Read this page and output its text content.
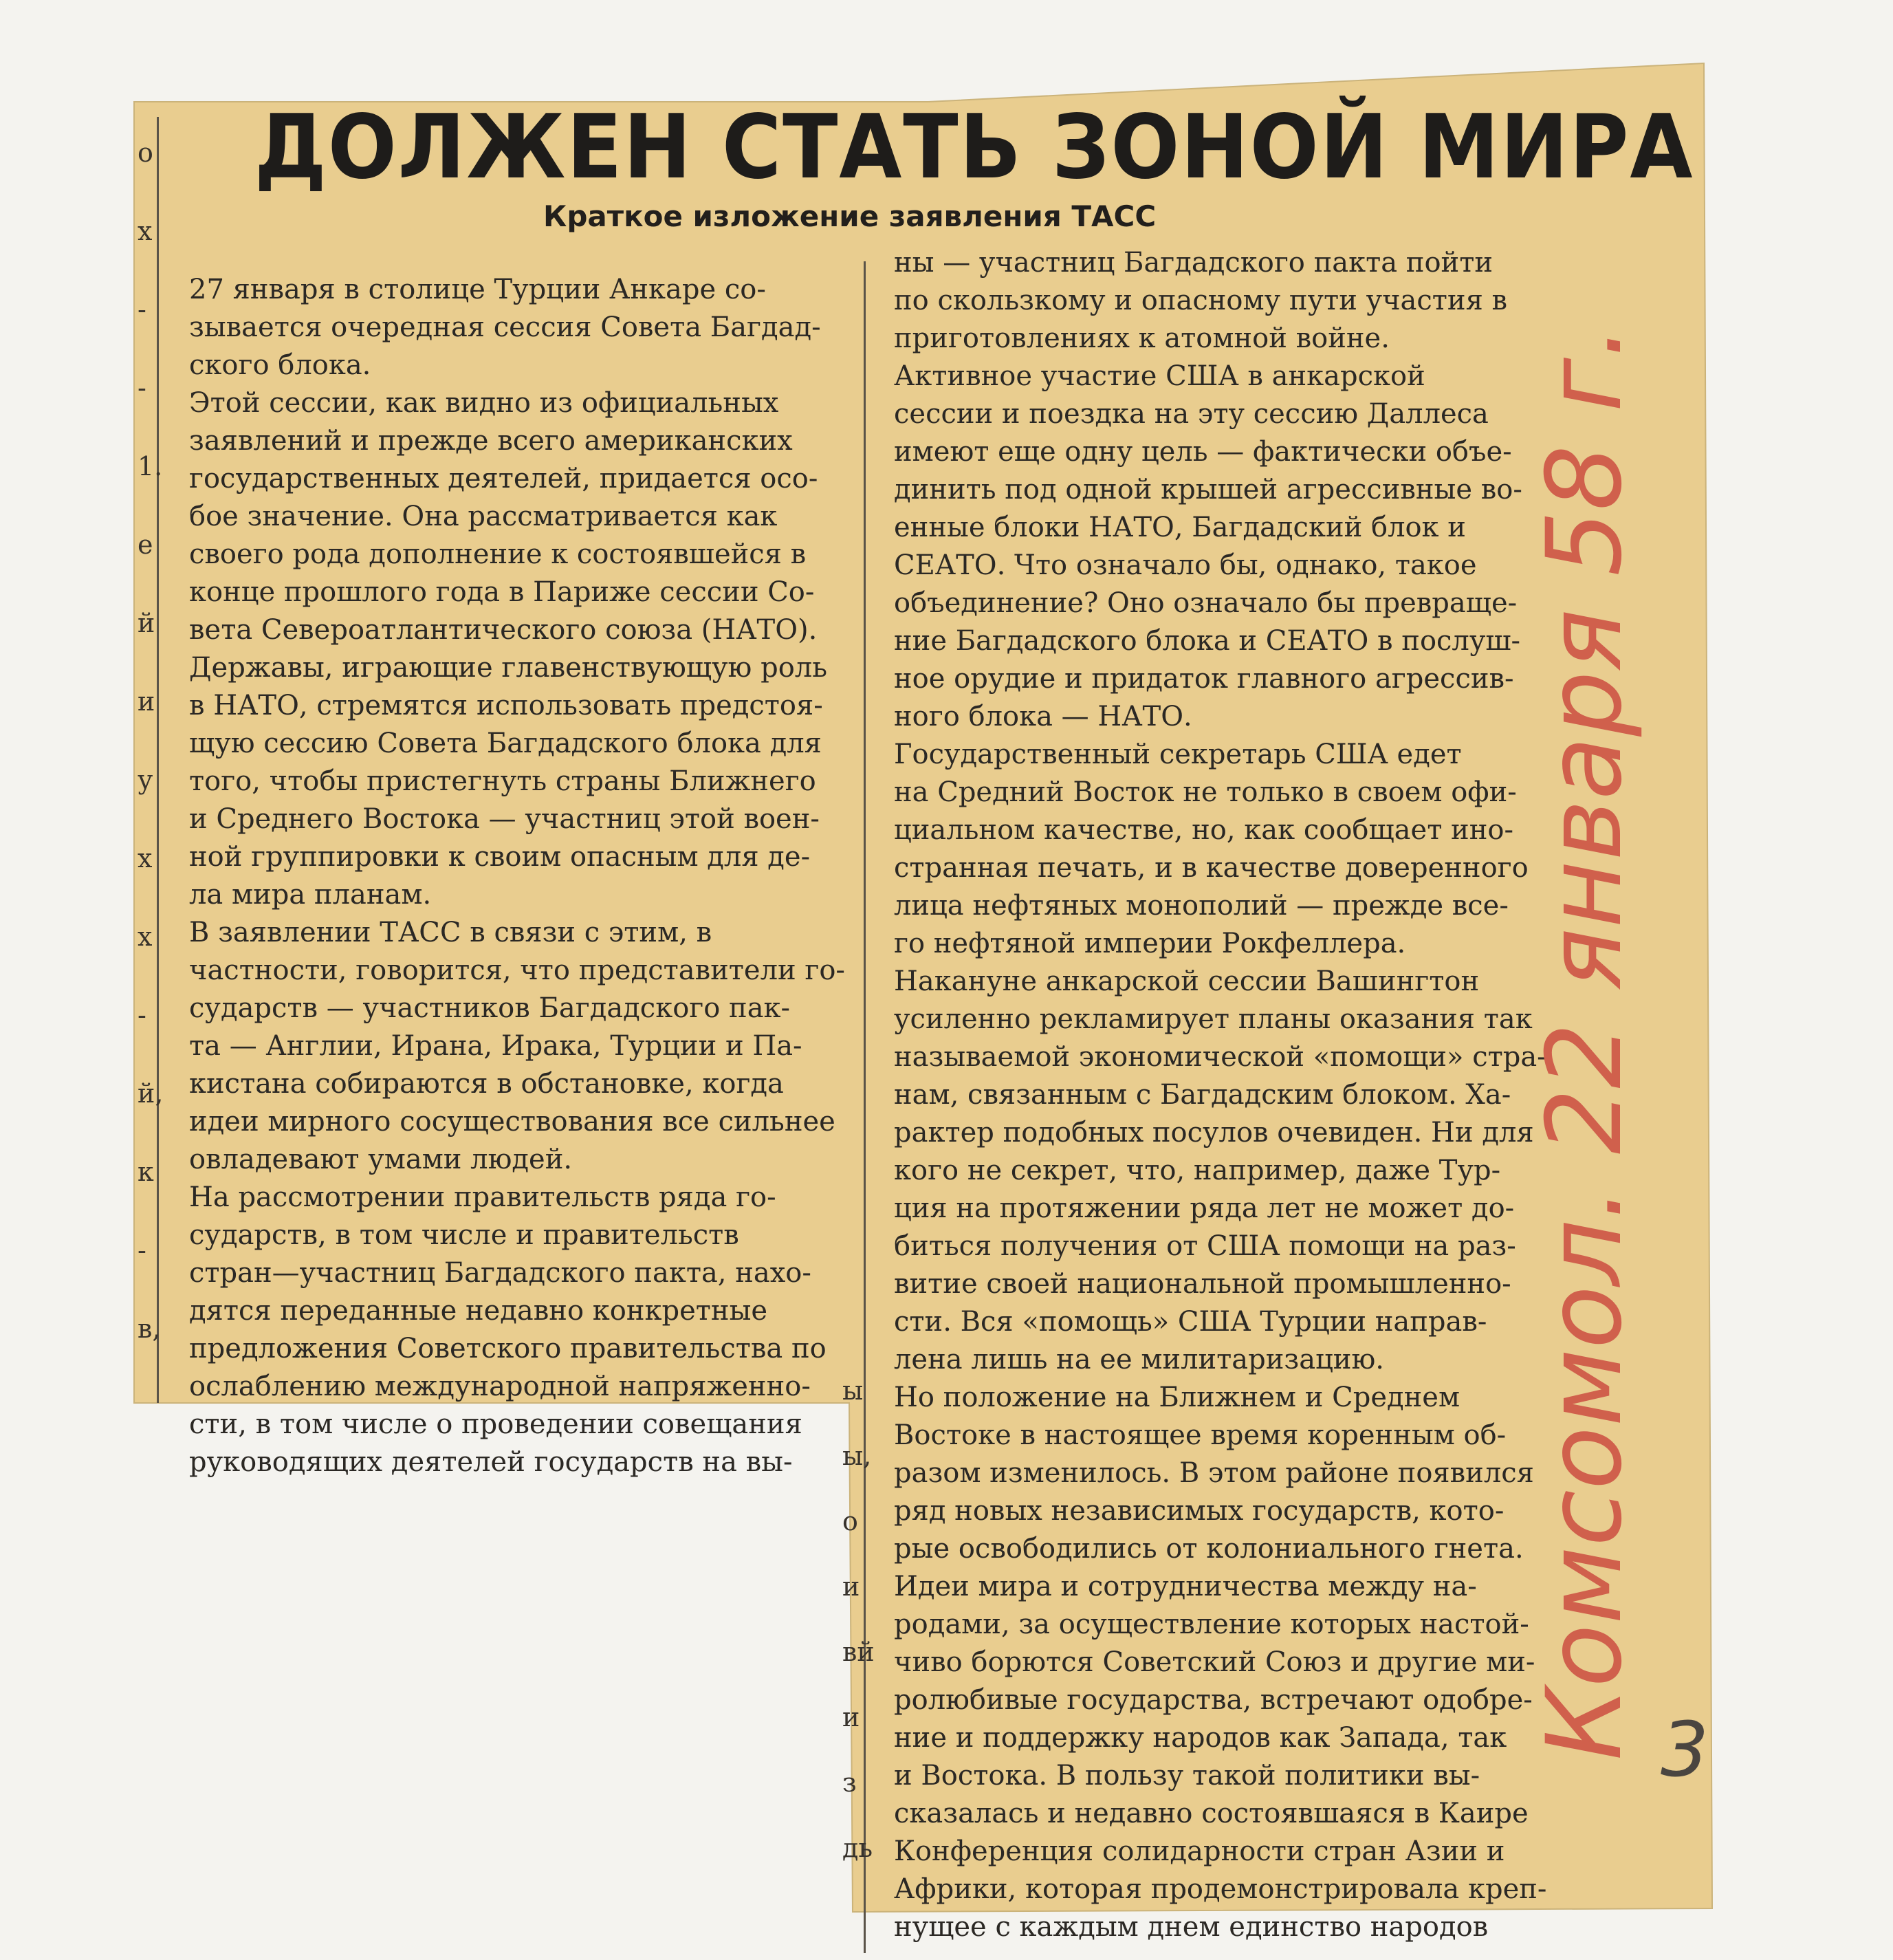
о
х
-
-
1.
е
й
и
у
х
х
-
й,
к
-
в,
ы
ы,
о
и
вй
и
з
дь
ДОЛЖЕН СТАТЬ ЗОНОЙ МИРА
Краткое изложение заявления ТАСС
27 января в столице Турции Анкаре со-
зывается очередная сессия Совета Багдад-
ского блока.
Этой сессии, как видно из официальных
заявлений и прежде всего американских
государственных деятелей, придается осо-
бое значение. Она рассматривается как
своего рода дополнение к состоявшейся в
конце прошлого года в Париже сессии Со-
вета Североатлантического союза (НАТО).
Державы, играющие главенствующую роль
в НАТО, стремятся использовать предстоя-
щую сессию Совета Багдадского блока для
того, чтобы пристегнуть страны Ближнего
и Среднего Востока — участниц этой воен-
ной группировки к своим опасным для де-
ла мира планам.
В заявлении ТАСС в связи с этим, в
частности, говорится, что представители го-
сударств — участников Багдадского пак-
та — Англии, Ирана, Ирака, Турции и Па-
кистана собираются в обстановке, когда
идеи мирного сосуществования все сильнее
овладевают умами людей.
На рассмотрении правительств ряда го-
сударств, в том числе и правительств
стран—участниц Багдадского пакта, нахо-
дятся переданные недавно конкретные
предложения Советского правительства по
ослаблению международной напряженно-
сти, в том числе о проведении совещания
руководящих деятелей государств на вы-
ны — участниц Багдадского пакта пойти
по скользкому и опасному пути участия в
приготовлениях к атомной войне.
Активное участие США в анкарской
сессии и поездка на эту сессию Даллеса
имеют еще одну цель — фактически объе-
динить под одной крышей агрессивные во-
енные блоки НАТО, Багдадский блок и
СЕАТО. Что означало бы, однако, такое
объединение? Оно означало бы превраще-
ние Багдадского блока и СЕАТО в послуш-
ное орудие и придаток главного агрессив-
ного блока — НАТО.
Государственный секретарь США едет
на Средний Восток не только в своем офи-
циальном качестве, но, как сообщает ино-
странная печать, и в качестве доверенного
лица нефтяных монополий — прежде все-
го нефтяной империи Рокфеллера.
Накануне анкарской сессии Вашингтон
усиленно рекламирует планы оказания так
называемой экономической «помощи» стра-
нам, связанным с Багдадским блоком. Ха-
рактер подобных посулов очевиден. Ни для
кого не секрет, что, например, даже Тур-
ция на протяжении ряда лет не может до-
биться получения от США помощи на раз-
витие своей национальной промышленно-
сти. Вся «помощь» США Турции направ-
лена лишь на ее милитаризацию.
Но положение на Ближнем и Среднем
Востоке в настоящее время коренным об-
разом изменилось. В этом районе появился
ряд новых независимых государств, кото-
рые освободились от колониального гнета.
Идеи мира и сотрудничества между на-
родами, за осуществление которых настой-
чиво борются Советский Союз и другие ми-
ролюбивые государства, встречают одобре-
ние и поддержку народов как Запада, так
и Востока. В пользу такой политики вы-
сказалась и недавно состоявшаяся в Каире
Конференция солидарности стран Азии и
Африки, которая продемонстрировала креп-
нущее с каждым днем единство народов
Комсомол. 22 января 58 г. 3
